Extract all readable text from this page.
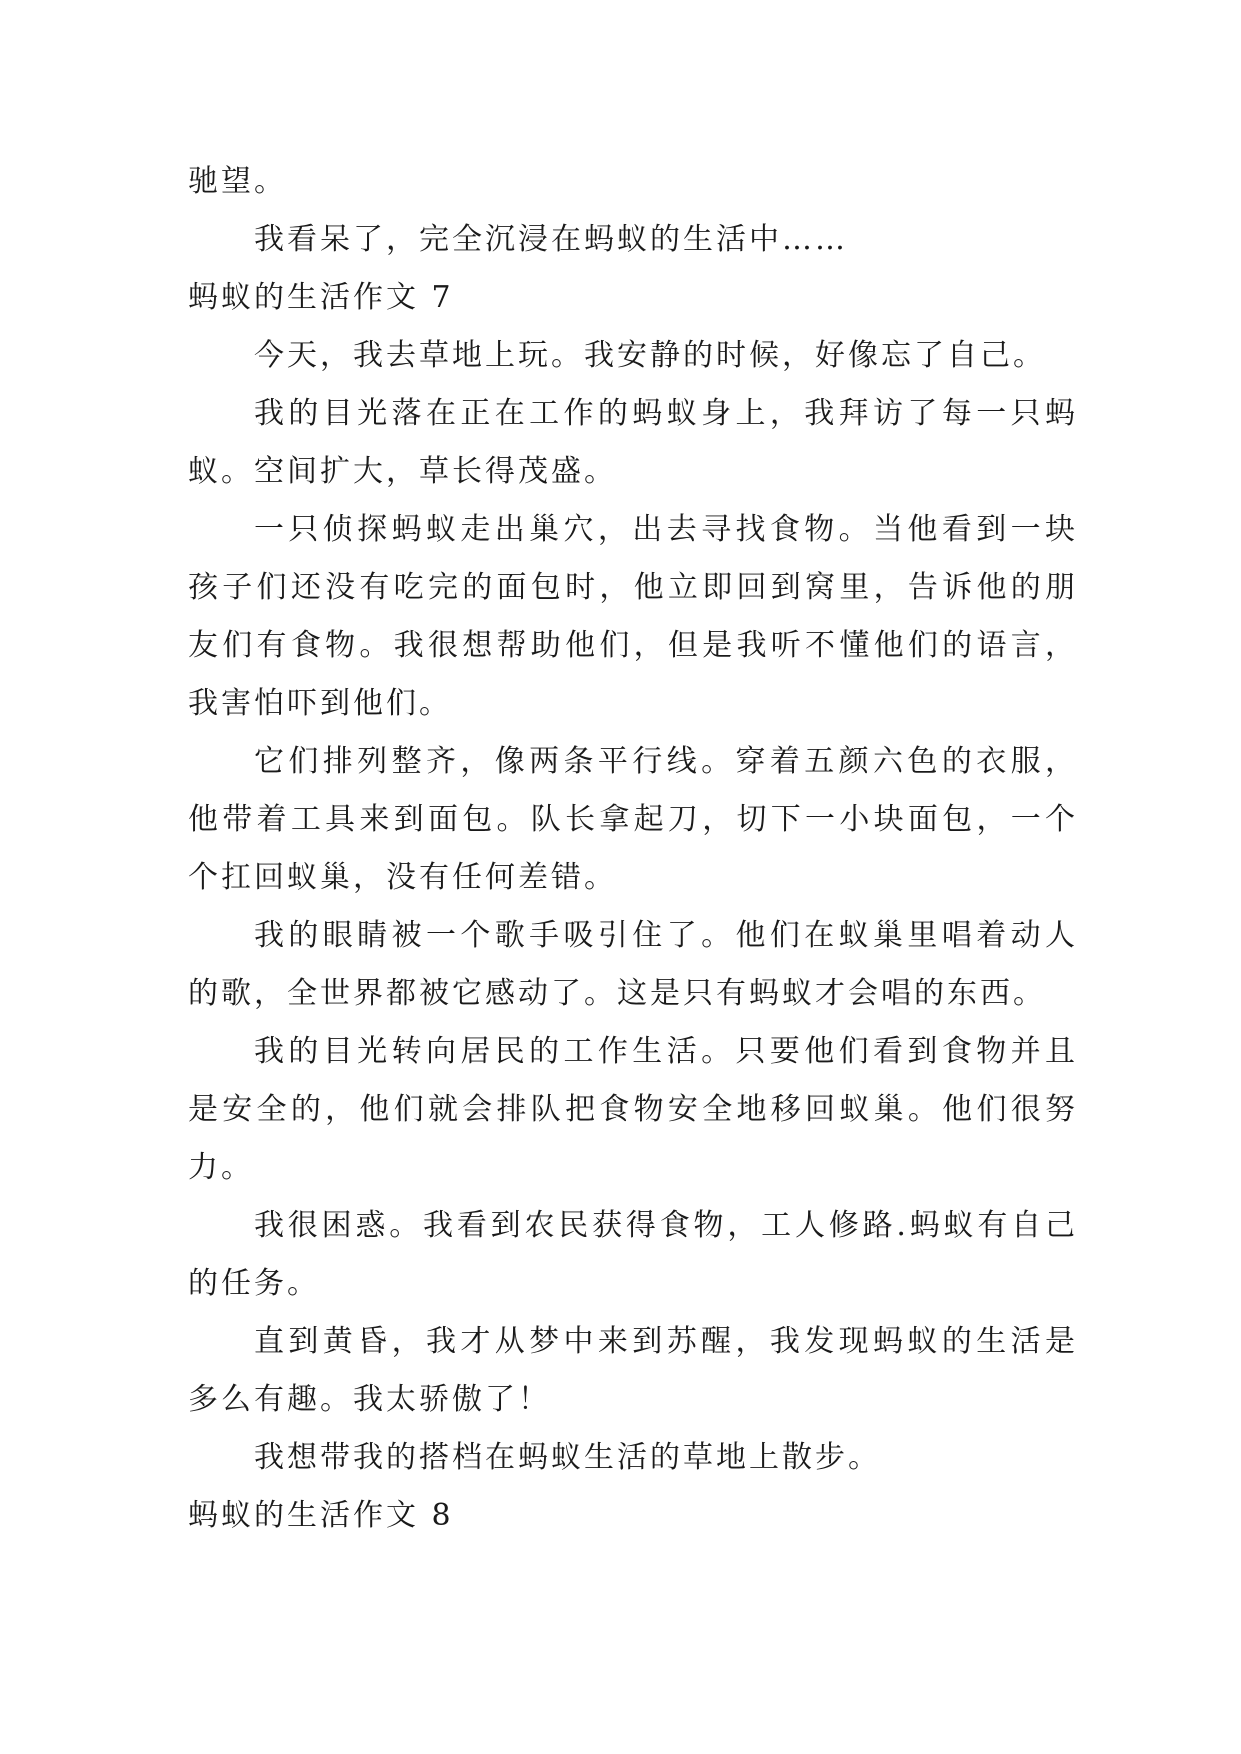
驰望。

我看呆了，完全沉浸在蚂蚁的生活中……

蚂蚁的生活作文 7

今天，我去草地上玩。我安静的时候，好像忘了自己。

我的目光落在正在工作的蚂蚁身上，我拜访了每一只蚂蚁。空间扩大，草长得茂盛。

一只侦探蚂蚁走出巢穴，出去寻找食物。当他看到一块孩子们还没有吃完的面包时，他立即回到窝里，告诉他的朋友们有食物。我很想帮助他们，但是我听不懂他们的语言，我害怕吓到他们。

它们排列整齐，像两条平行线。穿着五颜六色的衣服，他带着工具来到面包。队长拿起刀，切下一小块面包，一个个扛回蚁巢，没有任何差错。

我的眼睛被一个歌手吸引住了。他们在蚁巢里唱着动人的歌，全世界都被它感动了。这是只有蚂蚁才会唱的东西。

我的目光转向居民的工作生活。只要他们看到食物并且是安全的，他们就会排队把食物安全地移回蚁巢。他们很努力。

我很困惑。我看到农民获得食物，工人修路.蚂蚁有自己的任务。

直到黄昏，我才从梦中来到苏醒，我发现蚂蚁的生活是多么有趣。我太骄傲了！

我想带我的搭档在蚂蚁生活的草地上散步。

蚂蚁的生活作文 8
